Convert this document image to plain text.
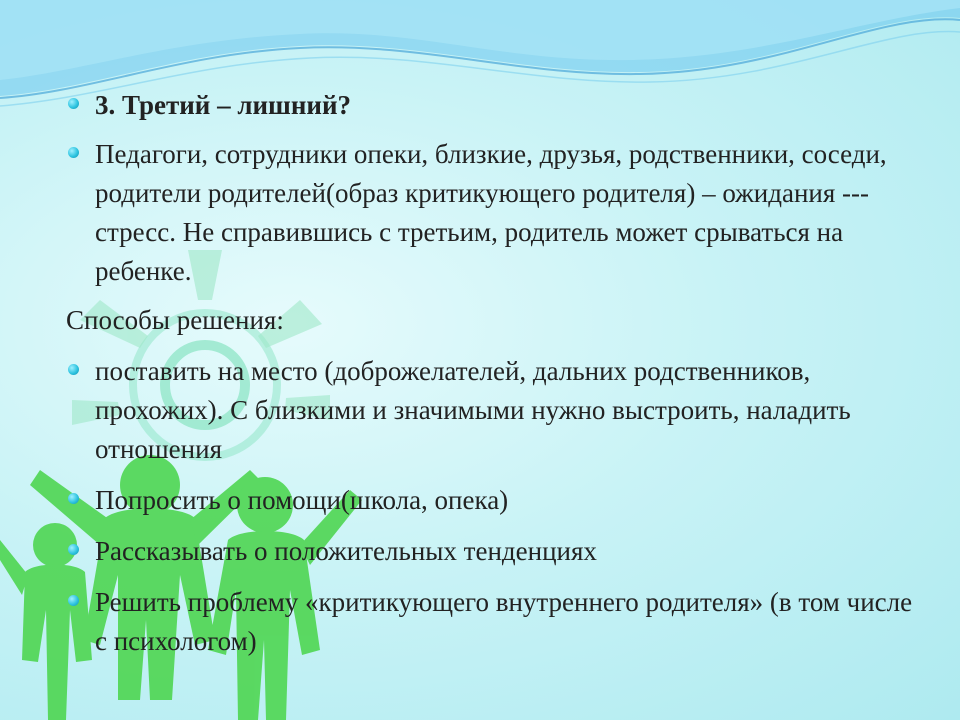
3. Третий – лишний?

Педагоги, сотрудники опеки, близкие, друзья, родственники, соседи, родители родителей(образ критикующего родителя) – ожидания --- стресс. Не справившись с третьим, родитель может срываться на ребенке.

Способы решения:

поставить на место (доброжелателей, дальних родственников, прохожих). С близкими и значимыми нужно выстроить, наладить отношения

Попросить о помощи(школа, опека)

Рассказывать о положительных тенденциях

Решить проблему «критикующего внутреннего родителя» (в том числе с психологом)
